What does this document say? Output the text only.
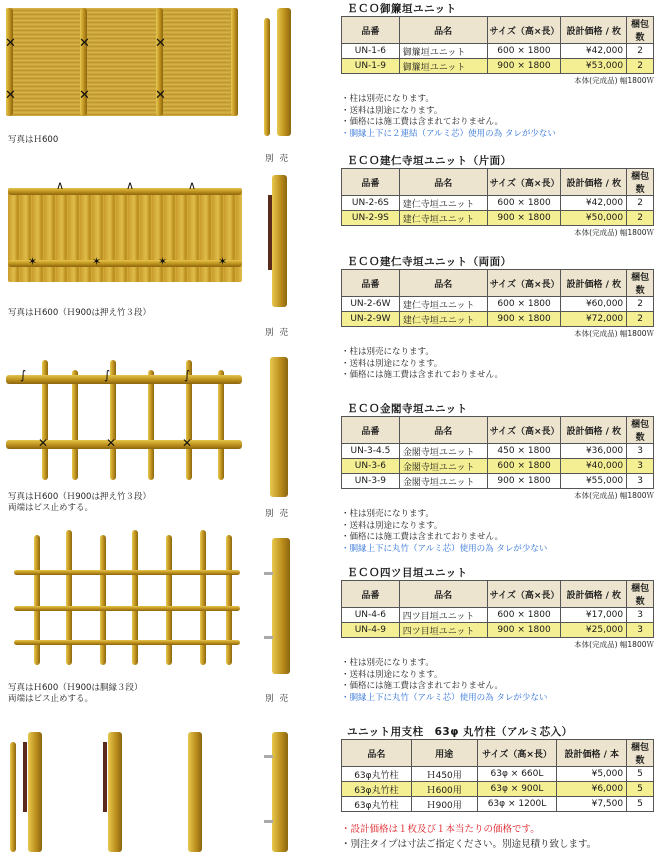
✕	✕	✕
✕	✕	✕
写真はＨ600
別売
∧	∧	∧
✶	✶	✶	✶
写真はＨ600（Ｈ900は押え竹３段）
別売
∫	∫	∫
✕	✕	✕
写真はＨ600（Ｈ900は押え竹３段）
両端はビス止めする。
別売
写真はＨ600（Ｈ900は胴縁３段）
両端はビス止めする。	別売
ＥＣＯ御簾垣ユニット
品番	品名	サイズ（高×長）	設計価格 / 枚	梱包数
UN-1-6	御簾垣ユニット	600 × 1800	¥42,000	2
UN-1-9	御簾垣ユニット	900 × 1800	¥53,000	2
本体(完成品) 幅1800Ｗ
・ 柱は別売になります。
・ 送料は別途になります。
・ 価格には施工費は含まれておりません。
・ 胴縁上下に２連結（アルミ芯）使用の為 タレが少ない
ＥＣＯ建仁寺垣ユニット（片面）
品番	品名	サイズ（高×長）	設計価格 / 枚	梱包数
UN-2-6S	建仁寺垣ユニット	600 × 1800	¥42,000	2
UN-2-9S	建仁寺垣ユニット	900 × 1800	¥50,000	2
本体(完成品) 幅1800Ｗ
ＥＣＯ建仁寺垣ユニット（両面）
品番	品名	サイズ（高×長）	設計価格 / 枚	梱包数
UN-2-6W	建仁寺垣ユニット	600 × 1800	¥60,000	2
UN-2-9W	建仁寺垣ユニット	900 × 1800	¥72,000	2
本体(完成品) 幅1800Ｗ
・ 柱は別売になります。
・ 送料は別途になります。
・ 価格には施工費は含まれておりません。
ＥＣＯ金閣寺垣ユニット
品番	品名	サイズ（高×長）	設計価格 / 枚	梱包数
UN-3-4.5	金閣寺垣ユニット	450 × 1800	¥36,000	3
UN-3-6	金閣寺垣ユニット	600 × 1800	¥40,000	3
UN-3-9	金閣寺垣ユニット	900 × 1800	¥55,000	3
本体(完成品) 幅1800Ｗ
・ 柱は別売になります。
・ 送料は別途になります。
・ 価格には施工費は含まれておりません。
・ 胴縁上下に丸竹（アルミ芯）使用の為 タレが少ない
ＥＣＯ四ツ目垣ユニット
品番	品名	サイズ（高×長）	設計価格 / 枚	梱包数
UN-4-6	四ツ目垣ユニット	600 × 1800	¥17,000	3
UN-4-9	四ツ目垣ユニット	900 × 1800	¥25,000	3
本体(完成品) 幅1800Ｗ
・ 柱は別売になります。
・ 送料は別途になります。
・ 価格には施工費は含まれておりません。
・ 胴縁上下に丸竹（アルミ芯）使用の為 タレが少ない
ユニット用支柱　63φ 丸竹柱（アルミ芯入）
品名	用途	サイズ（高×長）	設計価格 / 本	梱包数
63φ丸竹柱	Ｈ450用	63φ × 660L	¥5,000	5
63φ丸竹柱	Ｈ600用	63φ × 900L	¥6,000	5
63φ丸竹柱	Ｈ900用	63φ × 1200L	¥7,500	5
・ 設計価格は１枚及び１本当たりの価格です。
・ 別注タイプは寸法ご指定ください。別途見積り致します。
